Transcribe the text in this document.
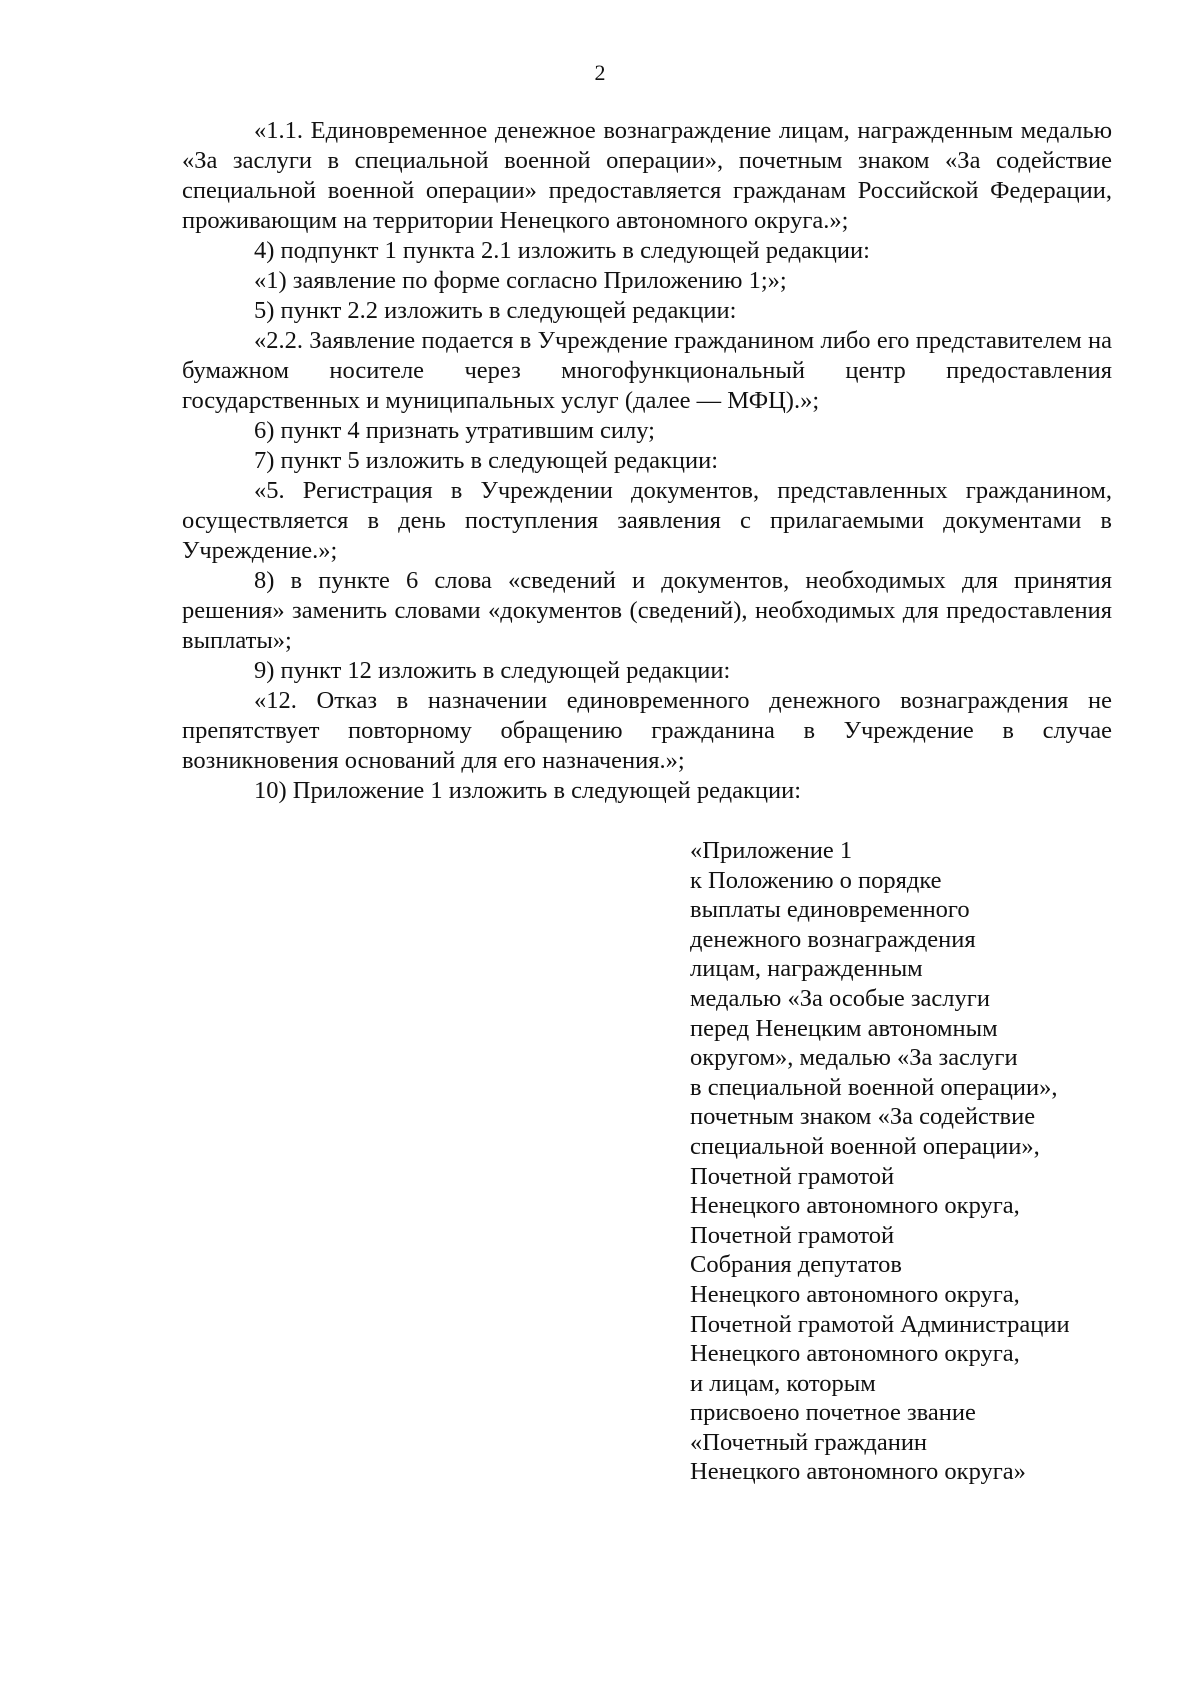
2

«1.1. Единовременное денежное вознаграждение лицам, награжденным медалью «За заслуги в специальной военной операции», почетным знаком «За содействие специальной военной операции» предоставляется гражданам Российской Федерации, проживающим на территории Ненецкого автономного округа.»;

4) подпункт 1 пункта 2.1 изложить в следующей редакции:

«1) заявление по форме согласно Приложению 1;»;

5) пункт 2.2 изложить в следующей редакции:

«2.2. Заявление подается в Учреждение гражданином либо его представителем на бумажном носителе через многофункциональный центр предоставления государственных и муниципальных услуг (далее — МФЦ).»;

6) пункт 4 признать утратившим силу;

7) пункт 5 изложить в следующей редакции:

«5. Регистрация в Учреждении документов, представленных гражданином, осуществляется в день поступления заявления с прилагаемыми документами в Учреждение.»;

8) в пункте 6 слова «сведений и документов, необходимых для принятия решения» заменить словами «документов (сведений), необходимых для предоставления выплаты»;

9) пункт 12 изложить в следующей редакции:

«12. Отказ в назначении единовременного денежного вознаграждения не препятствует повторному обращению гражданина в Учреждение в случае возникновения оснований для его назначения.»;

10) Приложение 1 изложить в следующей редакции:

«Приложение 1
к Положению о порядке
выплаты единовременного
денежного вознаграждения
лицам, награжденным
медалью «За особые заслуги
перед Ненецким автономным
округом», медалью «За заслуги
в специальной военной операции»,
почетным знаком «За содействие
специальной военной операции»,
Почетной грамотой
Ненецкого автономного округа,
Почетной грамотой
Собрания депутатов
Ненецкого автономного округа,
Почетной грамотой Администрации
Ненецкого автономного округа,
и лицам, которым
присвоено почетное звание
«Почетный гражданин
Ненецкого автономного округа»
